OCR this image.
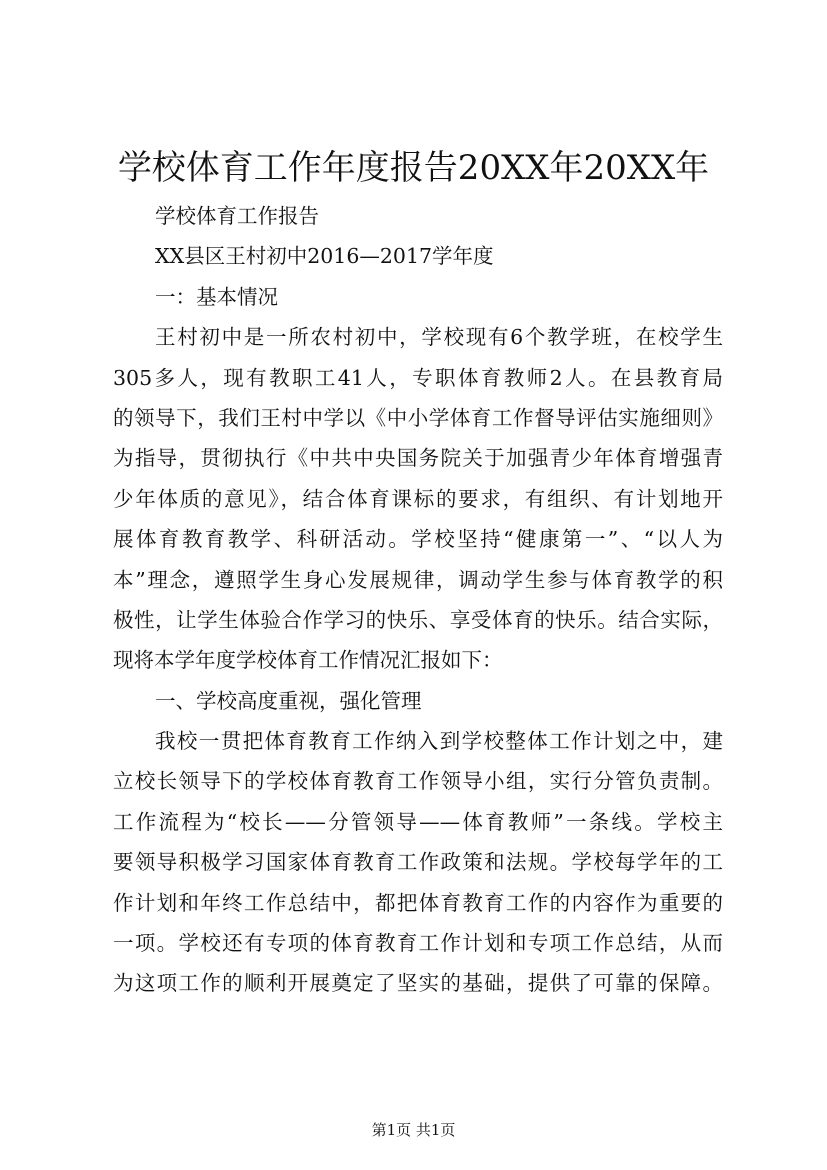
学校体育工作年度报告20XX年20XX年
学校体育工作报告
XX县区王村初中2016—2017学年度
一：基本情况
王村初中是一所农村初中，学校现有6个教学班，在校学生
305多人，现有教职工41人，专职体育教师2人。在县教育局
的领导下，我们王村中学以《中小学体育工作督导评估实施细则》
为指导，贯彻执行《中共中央国务院关于加强青少年体育增强青
少年体质的意见》，结合体育课标的要求，有组织、有计划地开
展体育教育教学、科研活动。学校坚持“健康第一”、“以人为
本”理念，遵照学生身心发展规律，调动学生参与体育教学的积
极性，让学生体验合作学习的快乐、享受体育的快乐。结合实际，
现将本学年度学校体育工作情况汇报如下：
一、学校高度重视，强化管理
我校一贯把体育教育工作纳入到学校整体工作计划之中，建
立校长领导下的学校体育教育工作领导小组，实行分管负责制。
工作流程为“校长——分管领导——体育教师”一条线。学校主
要领导积极学习国家体育教育工作政策和法规。学校每学年的工
作计划和年终工作总结中，都把体育教育工作的内容作为重要的
一项。学校还有专项的体育教育工作计划和专项工作总结，从而
为这项工作的顺利开展奠定了坚实的基础，提供了可靠的保障。
第1页 共1页
